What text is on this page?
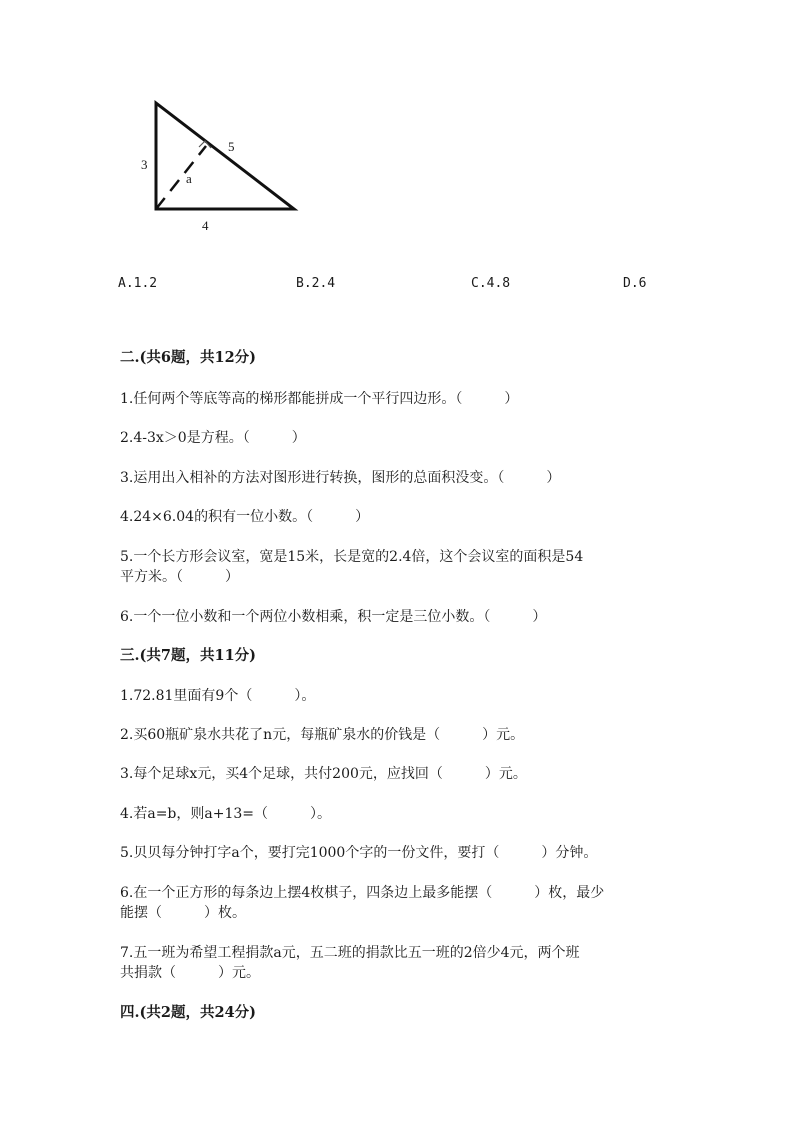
3
5
a
4
A.1.2	B.2.4	C.4.8	D.6
二.(共6题，共12分)
1.任何两个等底等高的梯形都能拼成一个平行四边形。（　　　）
2.4-3x＞0是方程。（　　　）
3.运用出入相补的方法对图形进行转换，图形的总面积没变。（　　　）
4.24×6.04的积有一位小数。（　　　）
5.一个长方形会议室，宽是15米，长是宽的2.4倍，这个会议室的面积是54
平方米。（　　　）
6.一个一位小数和一个两位小数相乘，积一定是三位小数。（　　　）
三.(共7题，共11分)
1.72.81里面有9个（　　　）。
2.买60瓶矿泉水共花了n元，每瓶矿泉水的价钱是（　　　）元。
3.每个足球x元，买4个足球，共付200元，应找回（　　　）元。
4.若a=b，则a+13=（　　　）。
5.贝贝每分钟打字a个，要打完1000个字的一份文件，要打（　　　）分钟。
6.在一个正方形的每条边上摆4枚棋子，四条边上最多能摆（　　　）枚，最少
能摆（　　　）枚。
7.五一班为希望工程捐款a元，五二班的捐款比五一班的2倍少4元，两个班
共捐款（　　　）元。
四.(共2题，共24分)
